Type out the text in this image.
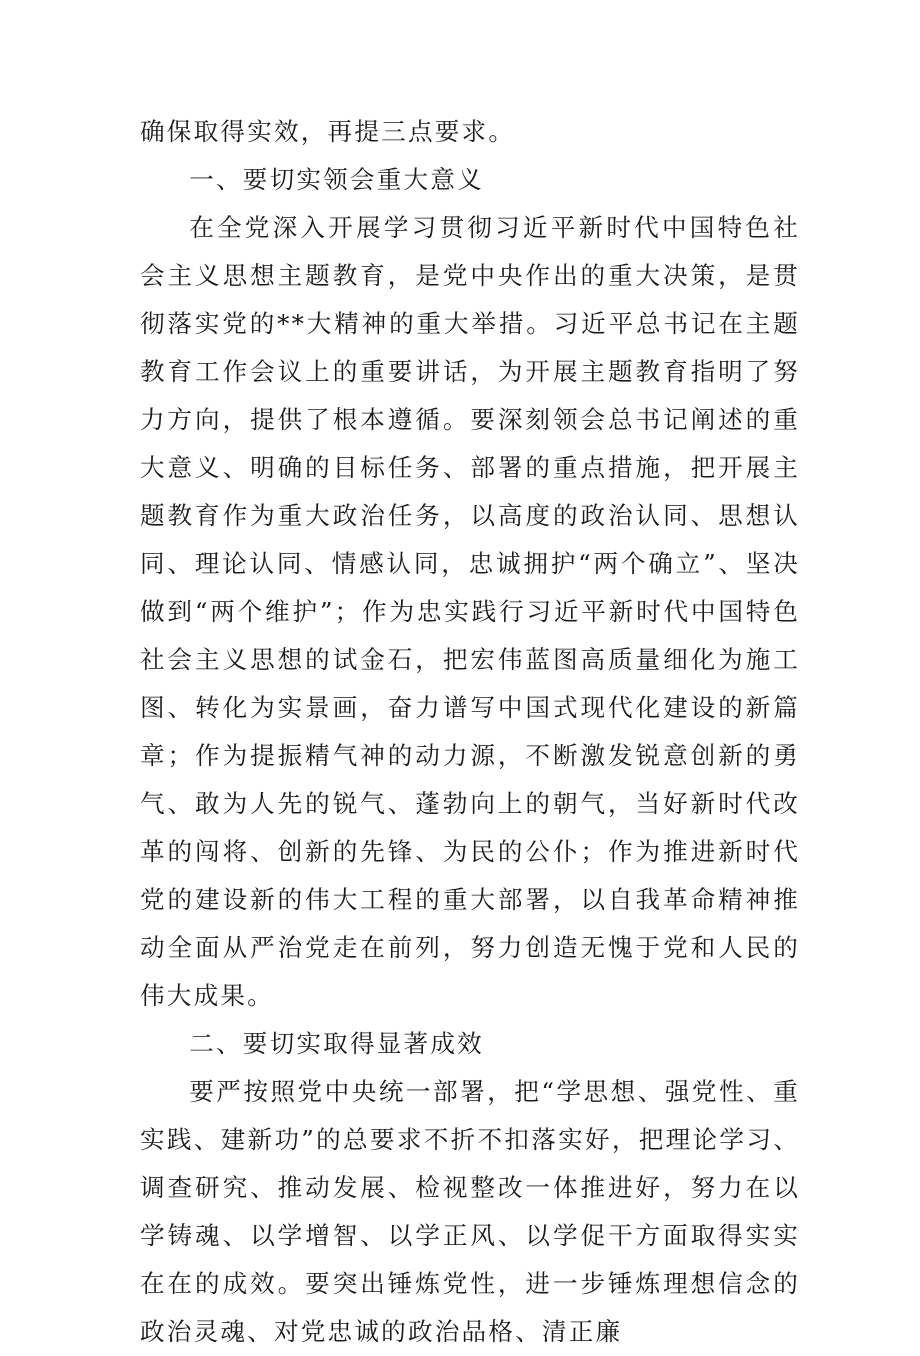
确保取得实效，再提三点要求。

一、要切实领会重大意义

在全党深入开展学习贯彻习近平新时代中国特色社会主义思想主题教育，是党中央作出的重大决策，是贯彻落实党的**大精神的重大举措。习近平总书记在主题教育工作会议上的重要讲话，为开展主题教育指明了努力方向，提供了根本遵循。要深刻领会总书记阐述的重大意义、明确的目标任务、部署的重点措施，把开展主题教育作为重大政治任务，以高度的政治认同、思想认同、理论认同、情感认同，忠诚拥护“两个确立”、坚决做到“两个维护”；作为忠实践行习近平新时代中国特色社会主义思想的试金石，把宏伟蓝图高质量细化为施工图、转化为实景画，奋力谱写中国式现代化建设的新篇章；作为提振精气神的动力源，不断激发锐意创新的勇气、敢为人先的锐气、蓬勃向上的朝气，当好新时代改革的闯将、创新的先锋、为民的公仆；作为推进新时代党的建设新的伟大工程的重大部署，以自我革命精神推动全面从严治党走在前列，努力创造无愧于党和人民的伟大成果。

二、要切实取得显著成效

要严按照党中央统一部署，把“学思想、强党性、重实践、建新功”的总要求不折不扣落实好，把理论学习、调查研究、推动发展、检视整改一体推进好，努力在以学铸魂、以学增智、以学正风、以学促干方面取得实实在在的成效。要突出锤炼党性，进一步锤炼理想信念的政治灵魂、对党忠诚的政治品格、清正廉
